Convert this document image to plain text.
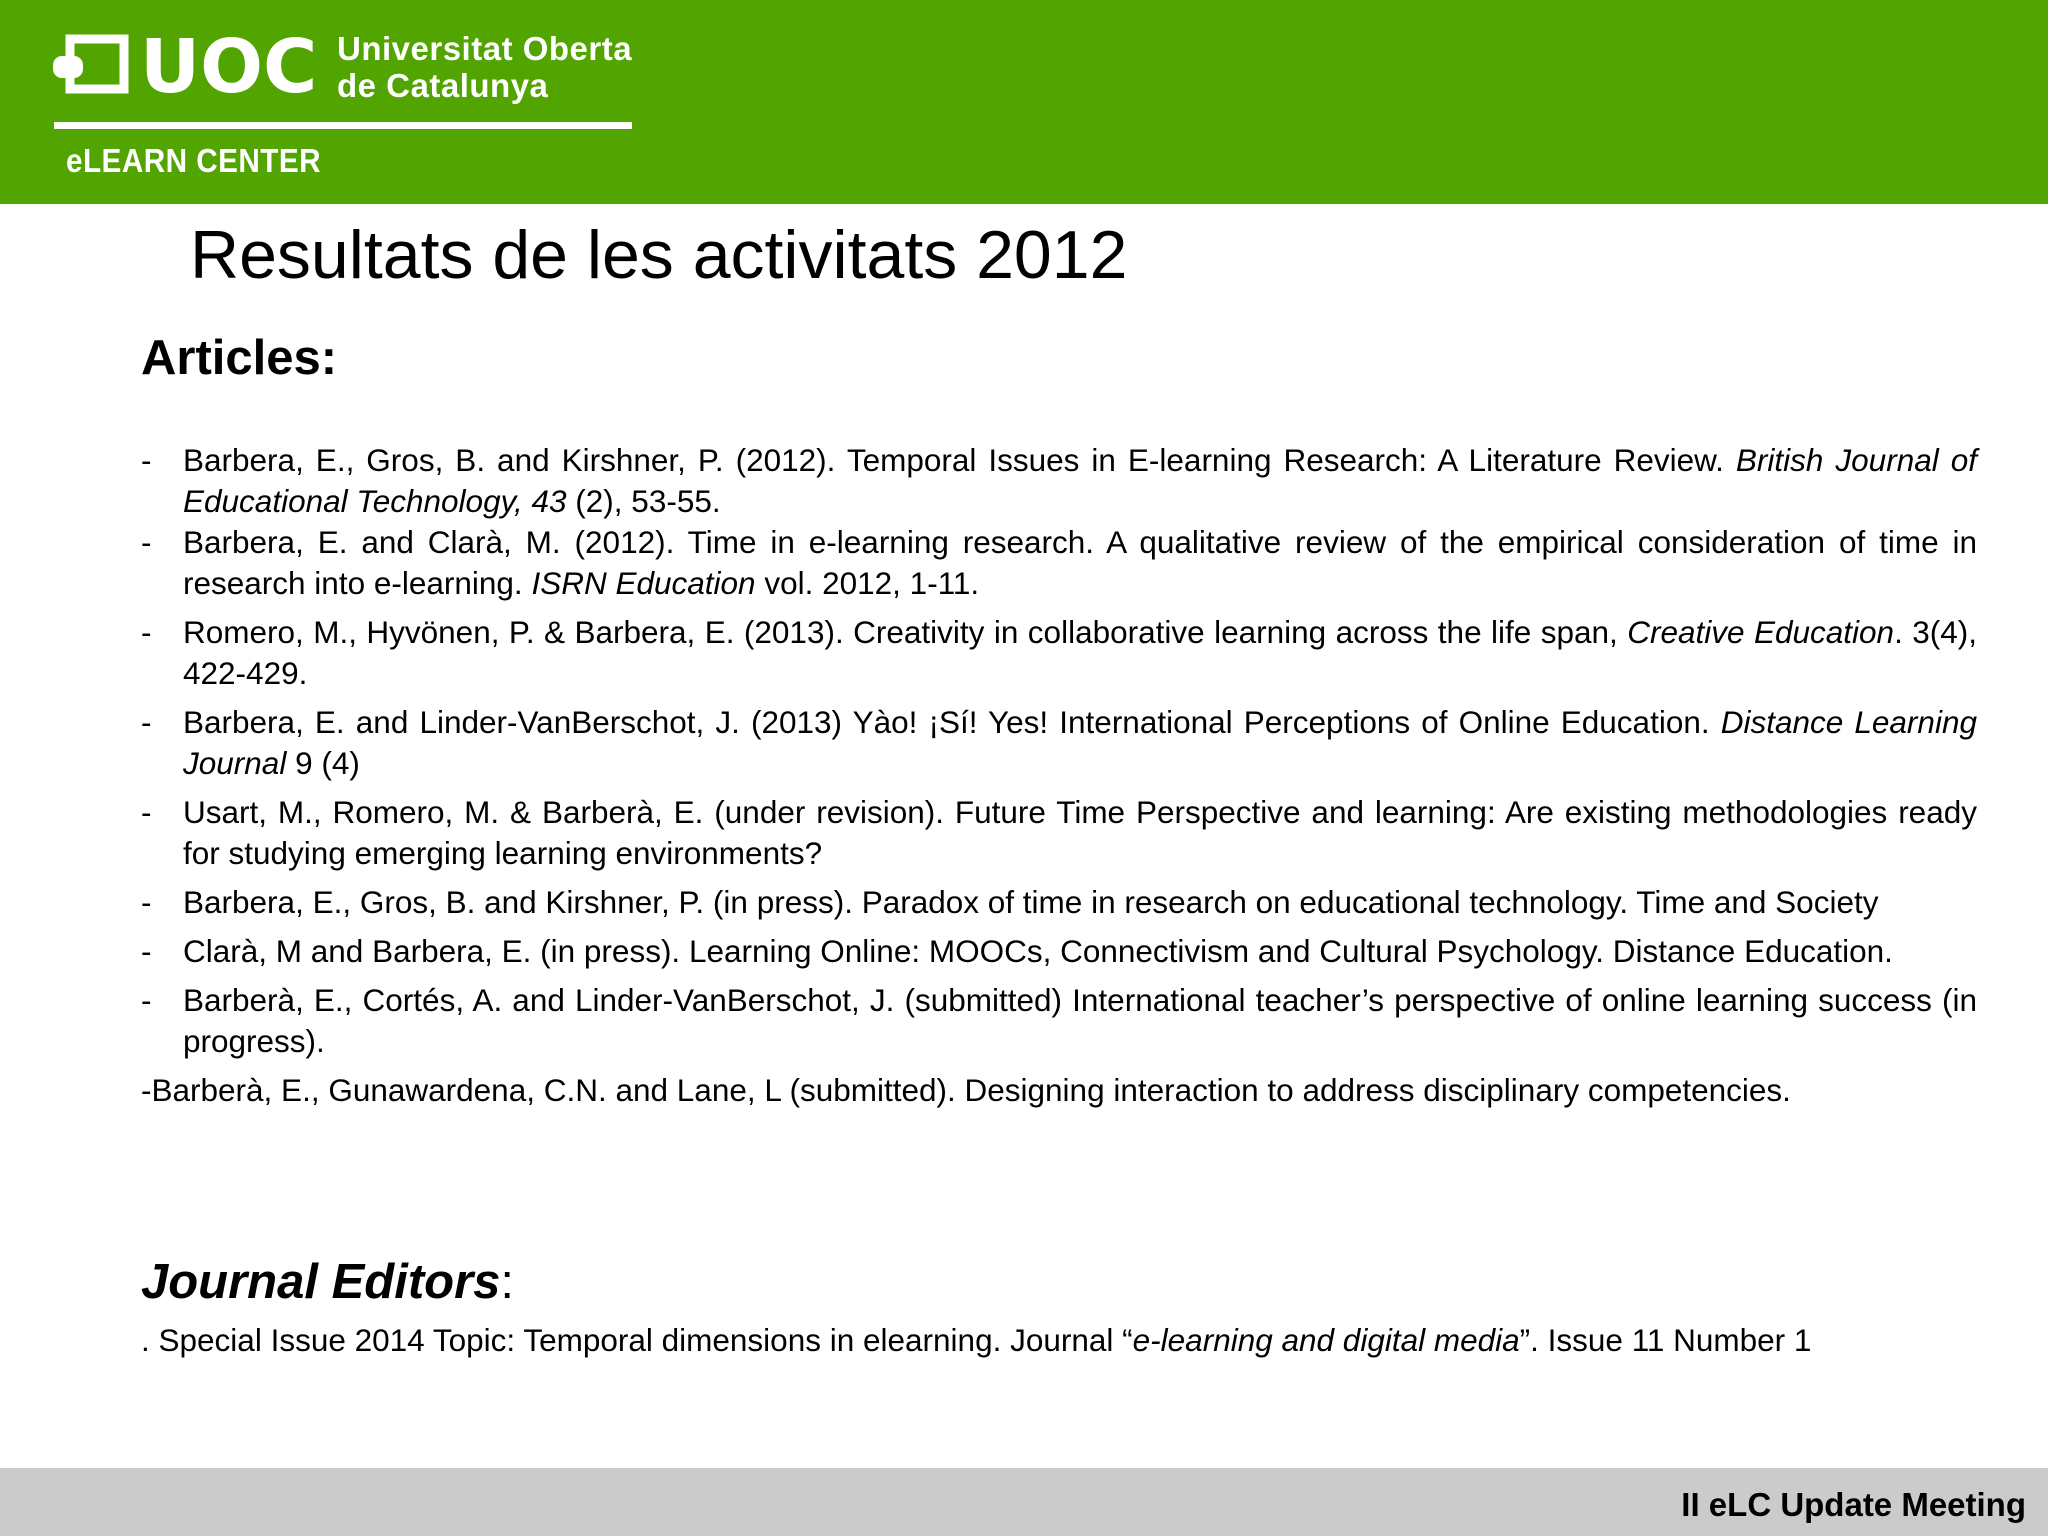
UOC Universitat Oberta
de Catalunya
eLEARN CENTER
Resultats de les activitats 2012
Articles:
- Barbera, E., Gros, B. and Kirshner, P. (2012). Temporal Issues in E-learning Research: A Literature Review. British Journal of Educational Technology, 43 (2), 53-55.
- Barbera, E. and Clarà, M. (2012). Time in e-learning research. A qualitative review of the empirical consideration of time in research into e-learning. ISRN Education vol. 2012, 1-11.
- Romero, M., Hyvönen, P. & Barbera, E. (2013). Creativity in collaborative learning across the life span, Creative Education. 3(4), 422-429.
- Barbera, E. and Linder-VanBerschot, J. (2013) Yào! ¡Sí! Yes! International Perceptions of Online Education. Distance Learning Journal 9 (4)
- Usart, M., Romero, M. & Barberà, E. (under revision). Future Time Perspective and learning: Are existing methodologies ready for studying emerging learning environments?
- Barbera, E., Gros, B. and Kirshner, P. (in press). Paradox of time in research on educational technology. Time and Society
- Clarà, M and Barbera, E. (in press). Learning Online: MOOCs, Connectivism and Cultural Psychology. Distance Education.
- Barberà, E., Cortés, A. and Linder-VanBerschot, J. (submitted) International teacher’s perspective of online learning success (in progress).
-Barberà, E., Gunawardena, C.N. and Lane, L (submitted). Designing interaction to address disciplinary competencies.
Journal Editors:
. Special Issue 2014 Topic: Temporal dimensions in elearning. Journal “e-learning and digital media”. Issue 11 Number 1
II eLC Update Meeting
